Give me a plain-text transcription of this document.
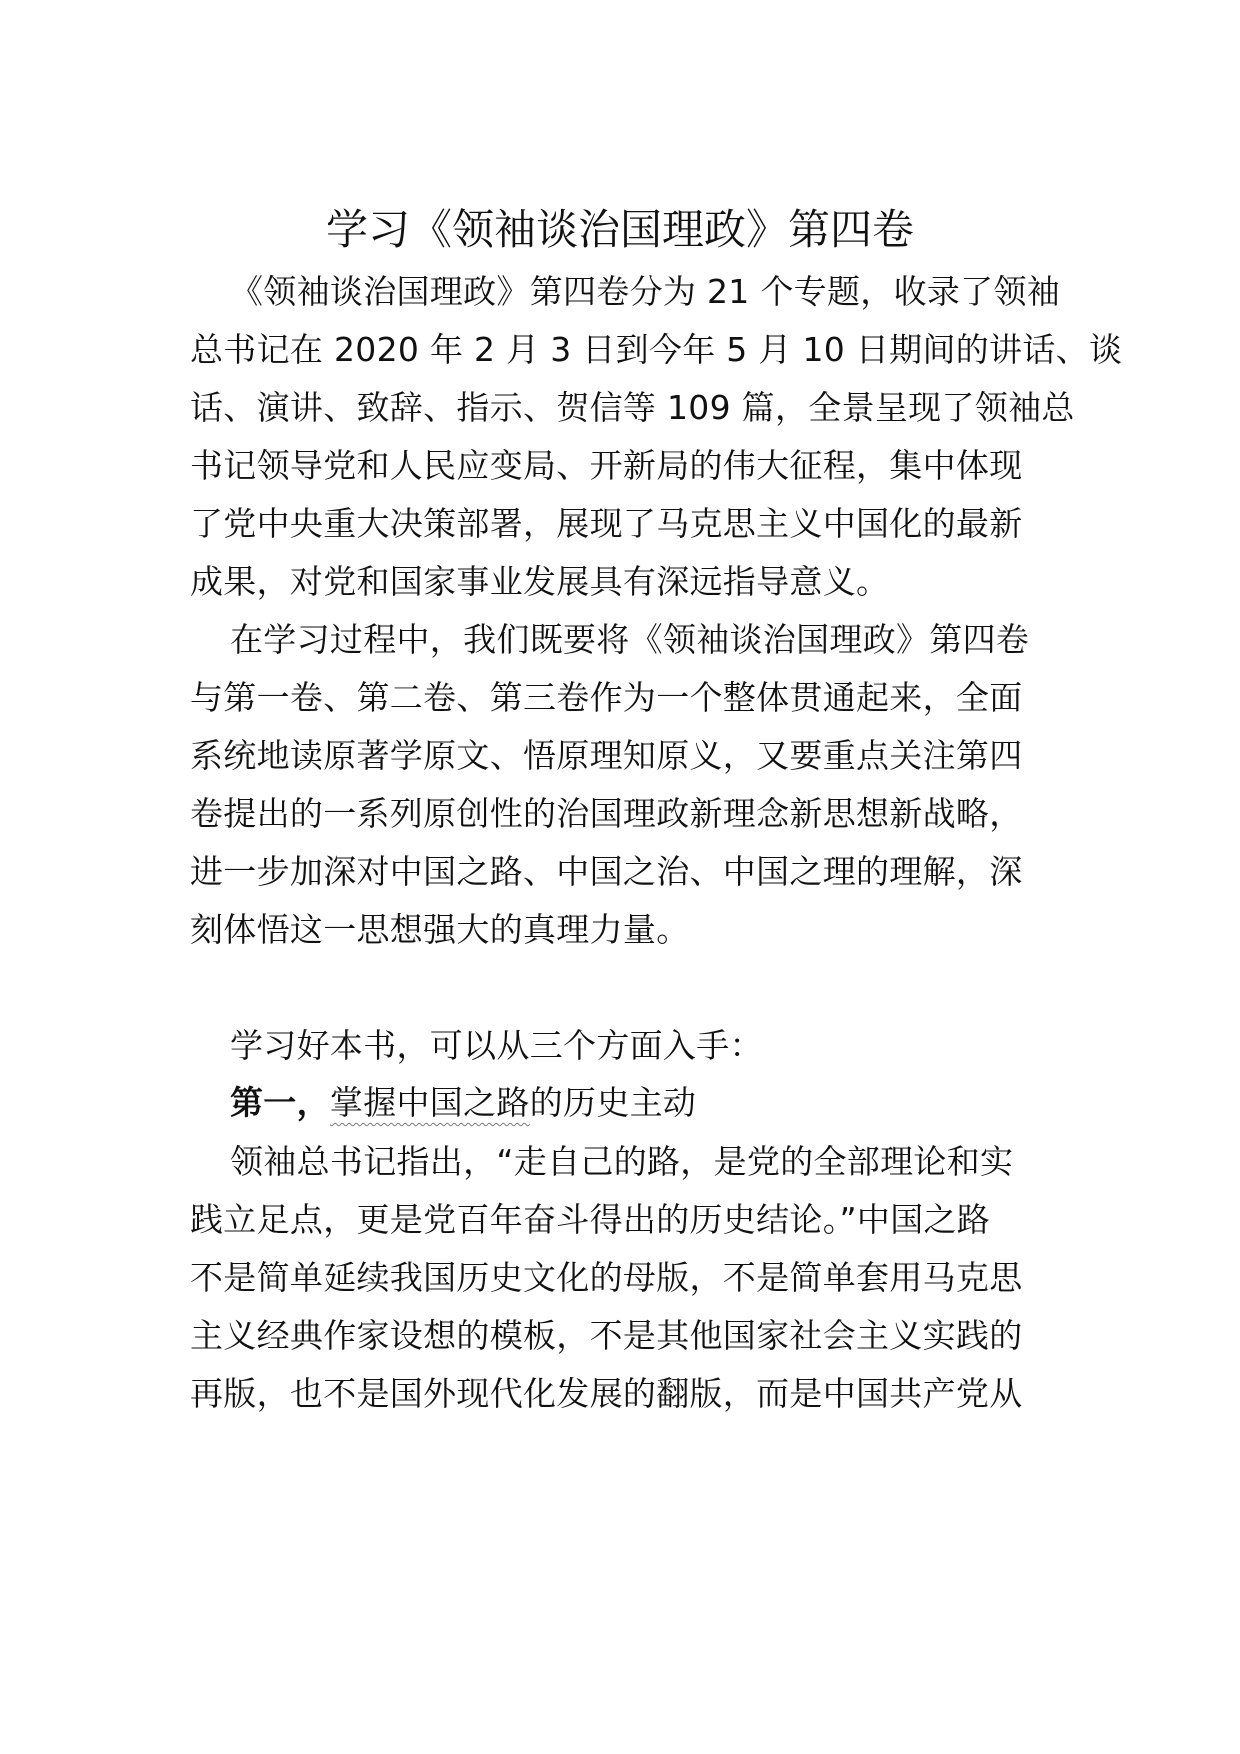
学习《领袖谈治国理政》第四卷

《领袖谈治国理政》第四卷分为 21 个专题，收录了领袖

总书记在 2020 年 2 月 3 日到今年 5 月 10 日期间的讲话、谈

话、演讲、致辞、指示、贺信等 109 篇，全景呈现了领袖总

书记领导党和人民应变局、开新局的伟大征程，集中体现

了党中央重大决策部署，展现了马克思主义中国化的最新

成果，对党和国家事业发展具有深远指导意义。

在学习过程中，我们既要将《领袖谈治国理政》第四卷

与第一卷、第二卷、第三卷作为一个整体贯通起来，全面

系统地读原著学原文、悟原理知原义，又要重点关注第四

卷提出的一系列原创性的治国理政新理念新思想新战略，

进一步加深对中国之路、中国之治、中国之理的理解，深

刻体悟这一思想强大的真理力量。

学习好本书，可以从三个方面入手：

第一，掌握中国之路的历史主动

领袖总书记指出，“走自己的路，是党的全部理论和实

践立足点，更是党百年奋斗得出的历史结论。”中国之路

不是简单延续我国历史文化的母版，不是简单套用马克思

主义经典作家设想的模板，不是其他国家社会主义实践的

再版，也不是国外现代化发展的翻版，而是中国共产党从
